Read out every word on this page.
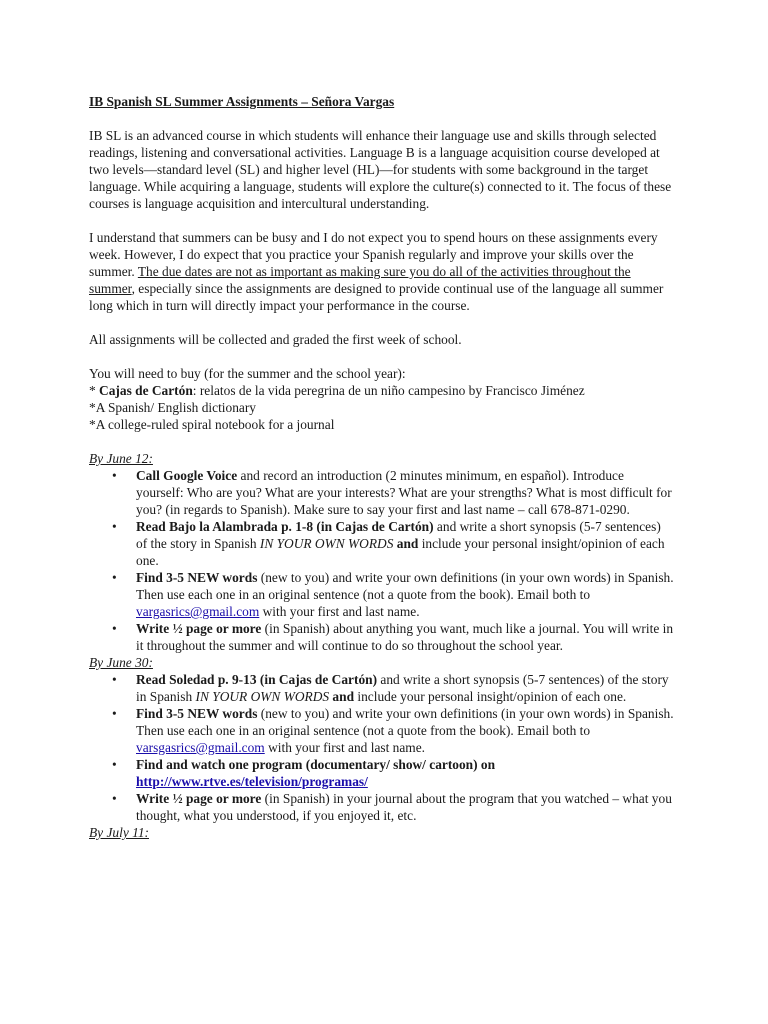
IB Spanish SL Summer Assignments – Señora Vargas

IB SL is an advanced course in which students will enhance their language use and skills through selected readings, listening and conversational activities. Language B is a language acquisition course developed at two levels—standard level (SL) and higher level (HL)—for students with some background in the target language. While acquiring a language, students will explore the culture(s) connected to it. The focus of these courses is language acquisition and intercultural understanding.

I understand that summers can be busy and I do not expect you to spend hours on these assignments every week. However, I do expect that you practice your Spanish regularly and improve your skills over the summer. The due dates are not as important as making sure you do all of the activities throughout the summer, especially since the assignments are designed to provide continual use of the language all summer long which in turn will directly impact your performance in the course.

All assignments will be collected and graded the first week of school.

You will need to buy (for the summer and the school year):

* Cajas de Cartón: relatos de la vida peregrina de un niño campesino by Francisco Jiménez

*A Spanish/ English dictionary

*A college-ruled spiral notebook for a journal

By June 12:

• Call Google Voice and record an introduction (2 minutes minimum, en español). Introduce yourself: Who are you? What are your interests? What are your strengths? What is most difficult for you? (in regards to Spanish). Make sure to say your first and last name – call 678-871-0290.
• Read Bajo la Alambrada p. 1-8 (in Cajas de Cartón) and write a short synopsis (5-7 sentences) of the story in Spanish IN YOUR OWN WORDS and include your personal insight/opinion of each one.
• Find 3-5 NEW words (new to you) and write your own definitions (in your own words) in Spanish. Then use each one in an original sentence (not a quote from the book). Email both to vargasrics@gmail.com with your first and last name.
• Write ½ page or more (in Spanish) about anything you want, much like a journal. You will write in it throughout the summer and will continue to do so throughout the school year.

By June 30:

• Read Soledad p. 9-13 (in Cajas de Cartón) and write a short synopsis (5-7 sentences) of the story in Spanish IN YOUR OWN WORDS and include your personal insight/opinion of each one.
• Find 3-5 NEW words (new to you) and write your own definitions (in your own words) in Spanish. Then use each one in an original sentence (not a quote from the book). Email both to varsgasrics@gmail.com with your first and last name.
• Find and watch one program (documentary/ show/ cartoon) on http://www.rtve.es/television/programas/
• Write ½ page or more (in Spanish) in your journal about the program that you watched – what you thought, what you understood, if you enjoyed it, etc.

By July 11:
